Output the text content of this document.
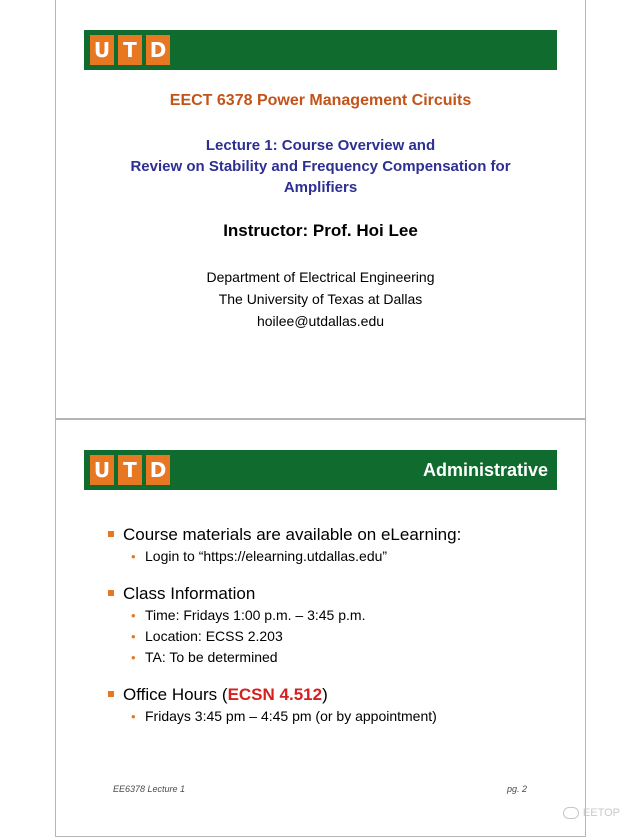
U T D
EECT 6378 Power Management Circuits
Lecture 1: Course Overview and
Review on Stability and Frequency Compensation for
Amplifiers
Instructor: Prof. Hoi Lee
Department of Electrical Engineering
The University of Texas at Dallas
hoilee@utdallas.edu
U T D	Administrative
Course materials are available on eLearning:
• Login to “https://elearning.utdallas.edu”
Class Information
• Time: Fridays 1:00 p.m. – 3:45 p.m.
• Location: ECSS 2.203
• TA: To be determined
Office Hours (ECSN 4.512)
• Fridays 3:45 pm – 4:45 pm (or by appointment)
EE6378 Lecture 1	pg. 2
EETOP
